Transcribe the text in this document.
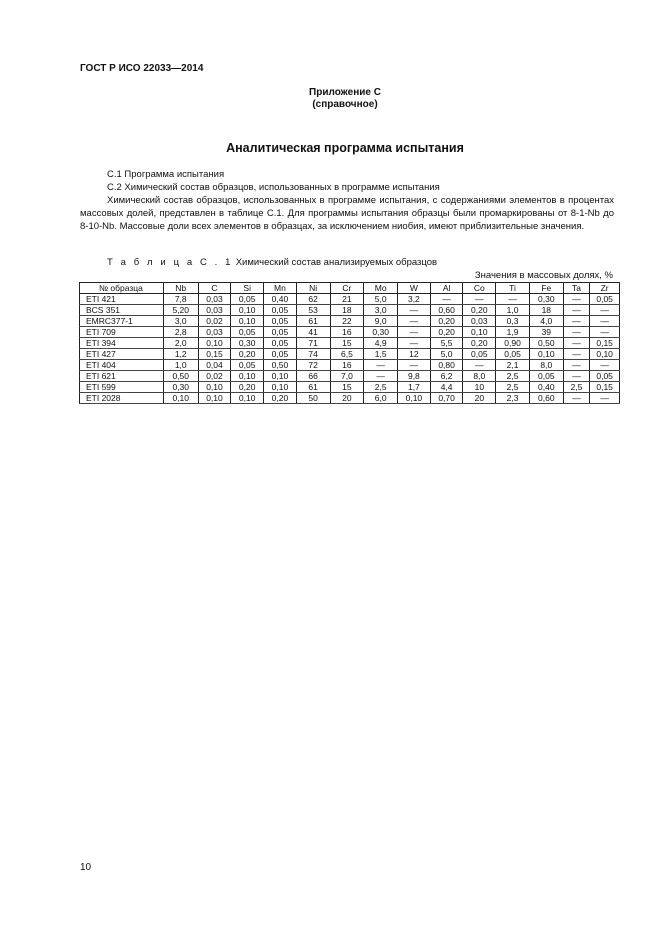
ГОСТ Р ИСО 22033—2014
Приложение С
(справочное)
Аналитическая программа испытания
С.1 Программа испытания
С.2 Химический состав образцов, использованных в программе испытания
Химический состав образцов, использованных в программе испытания, с содержаниями элементов в процентах массовых долей, представлен в таблице С.1. Для программы испытания образцы были промаркированы от 8-1-Nb до 8-10-Nb. Массовые доли всех элементов в образцах, за исключением ниобия, имеют приблизительные значения.
Т а б л и ц а С . 1 Химический состав анализируемых образцов
Значения в массовых долях, %
№ образца	Nb	C	Si	Mn	Ni	Cr	Mo	W	Al	Co	Ti	Fe	Ta	Zr
ETI 421	7,8	0,03	0,05	0,40	62	21	5,0	3,2	—	—	—	0,30	—	0,05
BCS 351	5,20	0,03	0,10	0,05	53	18	3,0	—	0,60	0,20	1,0	18	—	—
EMRC377-1	3,0	0,02	0,10	0,05	61	22	9,0	—	0,20	0,03	0,3	4,0	—	—
ETI 709	2,8	0,03	0,05	0,05	41	16	0,30	—	0,20	0,10	1,9	39	—	—
ETI 394	2,0	0,10	0,30	0,05	71	15	4,9	—	5,5	0,20	0,90	0,50	—	0,15
ETI 427	1,2	0,15	0,20	0,05	74	6,5	1,5	12	5,0	0,05	0,05	0,10	—	0,10
ETI 404	1,0	0,04	0,05	0,50	72	16	—	—	0,80	—	2,1	8,0	—	—
ETI 621	0,50	0,02	0,10	0,10	66	7,0	—	9,8	6,2	8,0	2,5	0,05	—	0,05
ETI 599	0,30	0,10	0,20	0,10	61	15	2,5	1,7	4,4	10	2,5	0,40	2,5	0,15
ETI 2028	0,10	0,10	0,10	0,20	50	20	6,0	0,10	0,70	20	2,3	0,60	—	—
10
